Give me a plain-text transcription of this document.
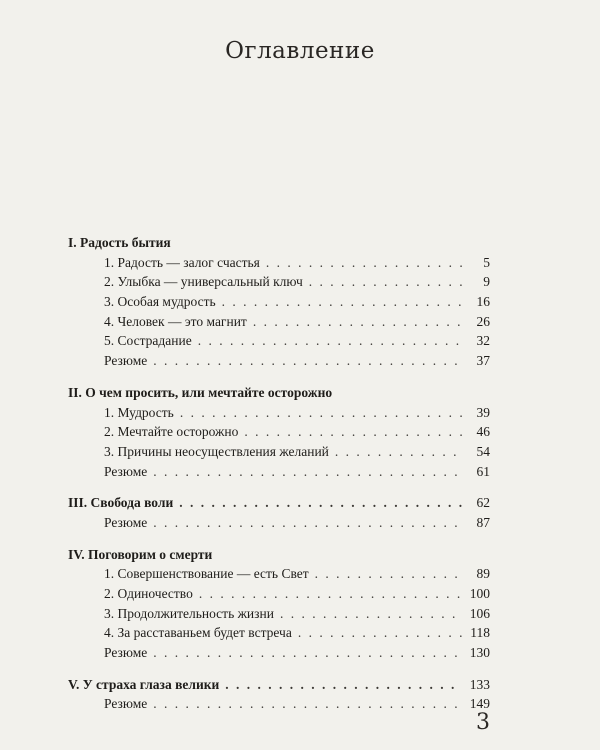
Оглавление
I. Радость бытия
1. Радость — залог счастья . . .	5
2. Улыбка — универсальный ключ . . .	9
3. Особая мудрость . . .	16
4. Человек — это магнит . . .	26
5. Сострадание . . .	32
Резюме . . .	37
II. О чем просить, или мечтайте осторожно
1. Мудрость . . .	39
2. Мечтайте осторожно . . .	46
3. Причины неосуществления желаний . . .	54
Резюме . . .	61
III. Свобода воли . . .	62
Резюме . . .	87
IV. Поговорим о смерти
1. Совершенствование — есть Свет . . .	89
2. Одиночество . . .	100
3. Продолжительность жизни . . .	106
4. За расставаньем будет встреча . . .	118
Резюме . . .	130
V. У страха глаза велики . . .	133
Резюме . . .	149
3
